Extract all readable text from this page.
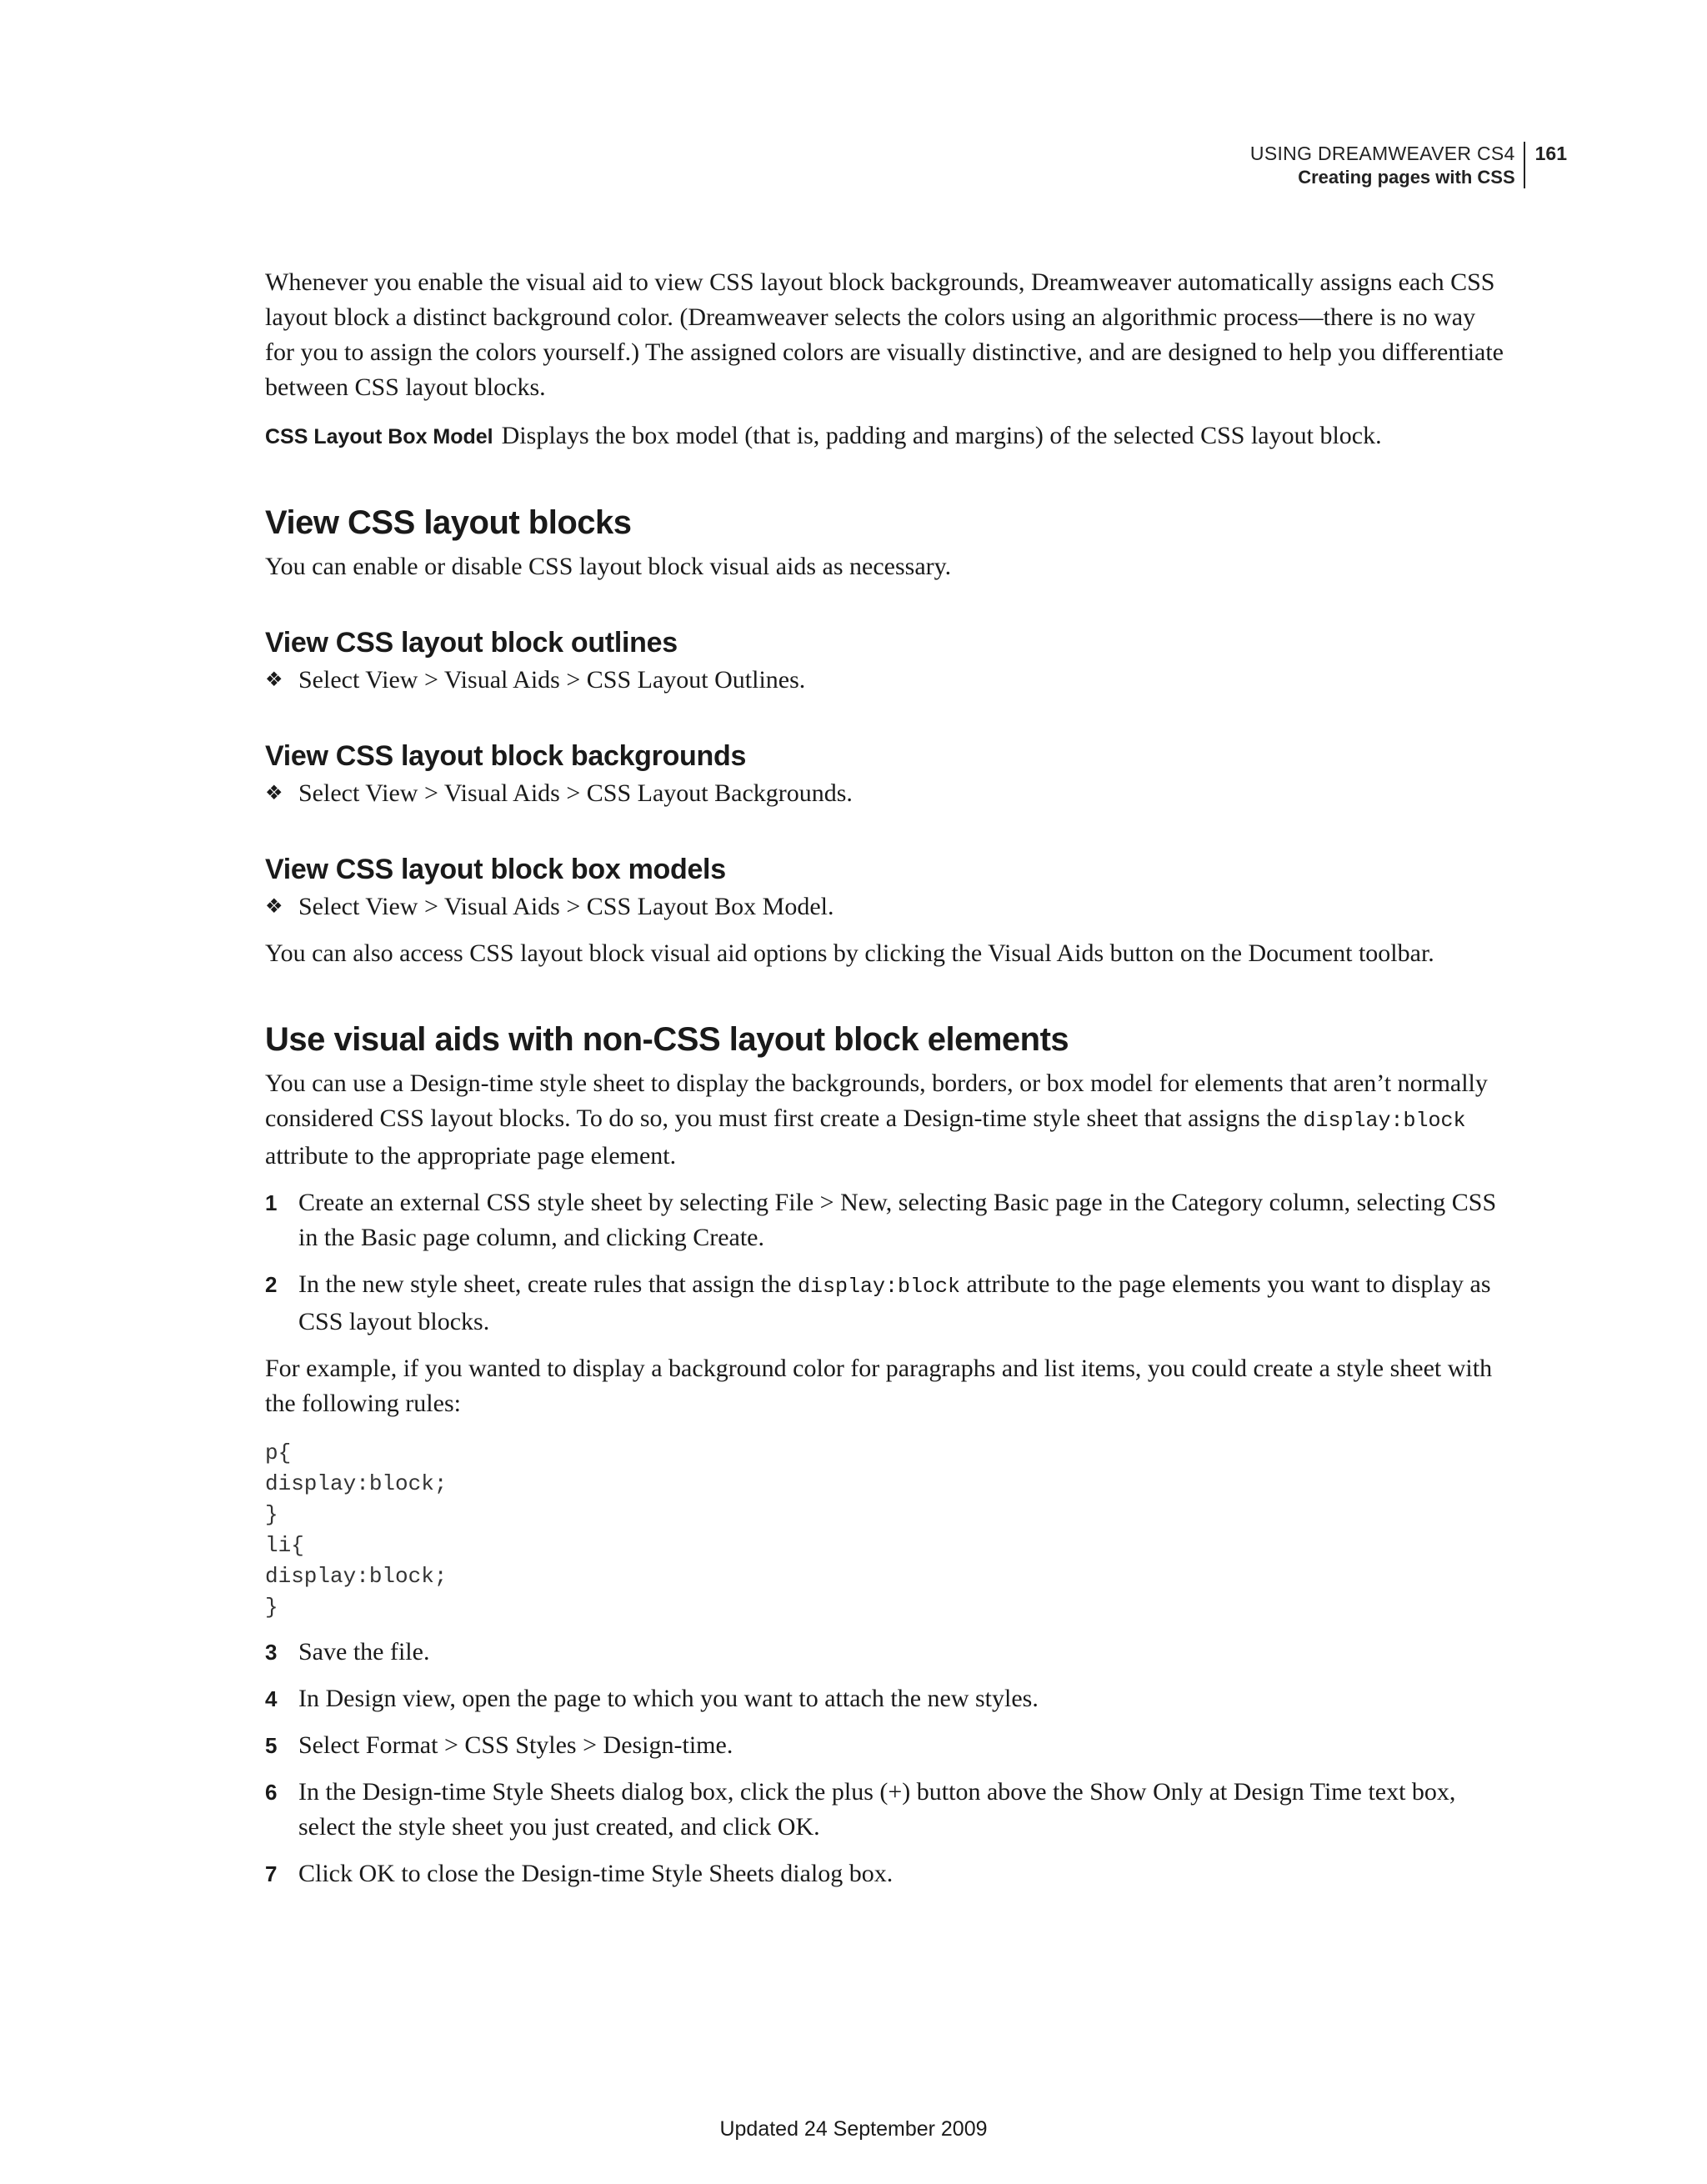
USING DREAMWEAVER CS4
Creating pages with CSS
161

Whenever you enable the visual aid to view CSS layout block backgrounds, Dreamweaver automatically assigns each CSS layout block a distinct background color. (Dreamweaver selects the colors using an algorithmic process—there is no way for you to assign the colors yourself.) The assigned colors are visually distinctive, and are designed to help you differentiate between CSS layout blocks.

CSS Layout Box Model Displays the box model (that is, padding and margins) of the selected CSS layout block.

View CSS layout blocks

You can enable or disable CSS layout block visual aids as necessary.

View CSS layout block outlines

❖ Select View > Visual Aids > CSS Layout Outlines.

View CSS layout block backgrounds

❖ Select View > Visual Aids > CSS Layout Backgrounds.

View CSS layout block box models

❖ Select View > Visual Aids > CSS Layout Box Model.

You can also access CSS layout block visual aid options by clicking the Visual Aids button on the Document toolbar.

Use visual aids with non-CSS layout block elements

You can use a Design-time style sheet to display the backgrounds, borders, or box model for elements that aren’t normally considered CSS layout blocks. To do so, you must first create a Design-time style sheet that assigns the display:block attribute to the appropriate page element.

1 Create an external CSS style sheet by selecting File > New, selecting Basic page in the Category column, selecting CSS in the Basic page column, and clicking Create.

2 In the new style sheet, create rules that assign the display:block attribute to the page elements you want to display as CSS layout blocks.

For example, if you wanted to display a background color for paragraphs and list items, you could create a style sheet with the following rules:

p{
display:block;
}
li{
display:block;
}

3 Save the file.

4 In Design view, open the page to which you want to attach the new styles.

5 Select Format > CSS Styles > Design-time.

6 In the Design-time Style Sheets dialog box, click the plus (+) button above the Show Only at Design Time text box, select the style sheet you just created, and click OK.

7 Click OK to close the Design-time Style Sheets dialog box.

Updated 24 September 2009
